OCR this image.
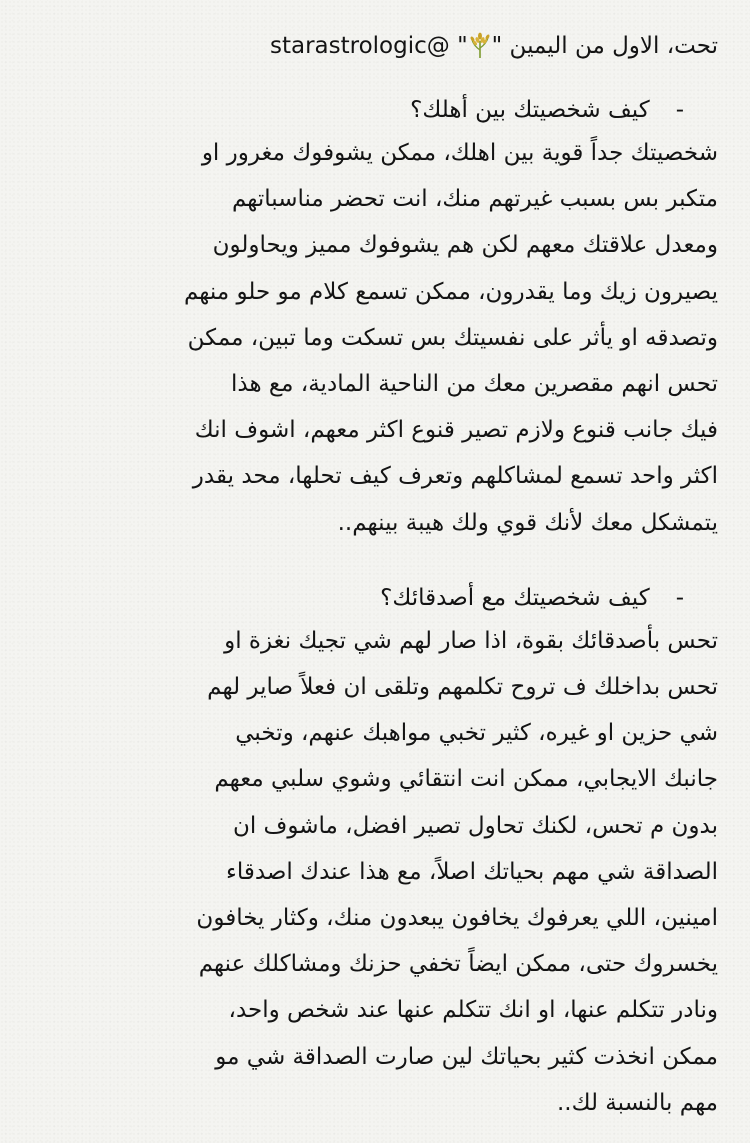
تحت، الاول من اليمين "" @starastrologic
-كيف شخصيتك بين أهلك؟
شخصيتك جداً قوية بين اهلك، ممكن يشوفوك مغرور او
متكبر بس بسبب غيرتهم منك، انت تحضر مناسباتهم
ومعدل علاقتك معهم لكن هم يشوفوك مميز ويحاولون
يصيرون زيك وما يقدرون، ممكن تسمع كلام مو حلو منهم
وتصدقه او يأثر على نفسيتك بس تسكت وما تبين، ممكن
تحس انهم مقصرين معك من الناحية المادية، مع هذا
فيك جانب قنوع ولازم تصير قنوع اكثر معهم، اشوف انك
اكثر واحد تسمع لمشاكلهم وتعرف كيف تحلها، محد يقدر
يتمشكل معك لأنك قوي ولك هيبة بينهم..
-كيف شخصيتك مع أصدقائك؟
تحس بأصدقائك بقوة، اذا صار لهم شي تجيك نغزة او
تحس بداخلك ف تروح تكلمهم وتلقى ان فعلاً صاير لهم
شي حزين او غيره، كثير تخبي مواهبك عنهم، وتخبي
جانبك الايجابي، ممكن انت انتقائي وشوي سلبي معهم
بدون م تحس، لكنك تحاول تصير افضل، ماشوف ان
الصداقة شي مهم بحياتك اصلاً، مع هذا عندك اصدقاء
امينين، اللي يعرفوك يخافون يبعدون منك، وكثار يخافون
يخسروك حتى، ممكن ايضاً تخفي حزنك ومشاكلك عنهم
ونادر تتكلم عنها، او انك تتكلم عنها عند شخص واحد،
ممكن انخذت كثير بحياتك لين صارت الصداقة شي مو
مهم بالنسبة لك..
